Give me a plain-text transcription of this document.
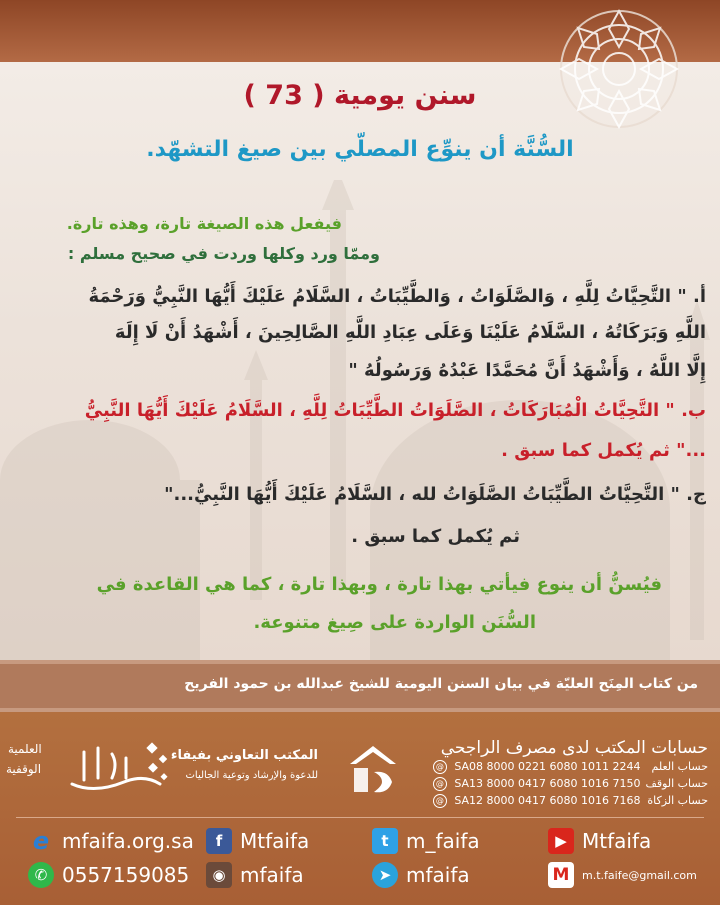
سنن يومية ( 73 )
السُّنَّة أن ينوِّع المصلّي بين صيغ التشهّد.
فيفعل هذه الصيغة تارة، وهذه تارة.
وممّا ورد وكلها وردت في صحيح مسلم :
أ. " التَّحِيَّاتُ لِلَّهِ ، وَالصَّلَوَاتُ ، وَالطَّيِّبَاتُ ، السَّلَامُ عَلَيْكَ أَيُّهَا النَّبِيُّ وَرَحْمَةُ
اللَّهِ وَبَرَكَاتُهُ ، السَّلَامُ عَلَيْنَا وَعَلَى عِبَادِ اللَّهِ الصَّالِحِينَ ، أَشْهَدُ أَنْ لَا إِلَهَ
إِلَّا اللَّهُ ، وَأَشْهَدُ أَنَّ مُحَمَّدًا عَبْدُهُ وَرَسُولُهُ "
ب. " التَّحِيَّاتُ الْمُبَارَكَاتُ ، الصَّلَوَاتُ الطَّيِّبَاتُ لِلَّهِ ، السَّلَامُ عَلَيْكَ أَيُّهَا النَّبِيُّ
..." ثم يُكمل كما سبق .
ج. " التَّحِيَّاتُ الطَّيِّبَاتُ الصَّلَوَاتُ لله ، السَّلَامُ عَلَيْكَ أَيُّهَا النَّبِيُّ..."
ثم يُكمل كما سبق .
فيُسنُّ أن ينوع فيأتي بهذا تارة ، وبهذا تارة ، كما هي القاعدة في
السُّنَن الواردة على صِيغ متنوعة.
من كتاب المِنَح العليّة في بيان السنن اليومية للشيخ عبدالله بن حمود الفريح
حسابات المكتب لدى مصرف الراجحي
حساب العلم SA08 8000 0221 6080 1011 2244 @
حساب الوقف SA13 8000 0417 6080 1016 7150 @
حساب الزكاة SA12 8000 0417 6080 1016 7168 @
المكتب التعاوني بفيفاء
للدعوة والإرشاد وتوعية الجاليات
العلمية
الوقفية
e mfaifa.org.sa	f Mtfaifa	t m_faifa	▶ Mtfaifa
✆ 0557159085	◉ mfaifa	➤ mfaifa	M	m.t.faife@gmail.com
